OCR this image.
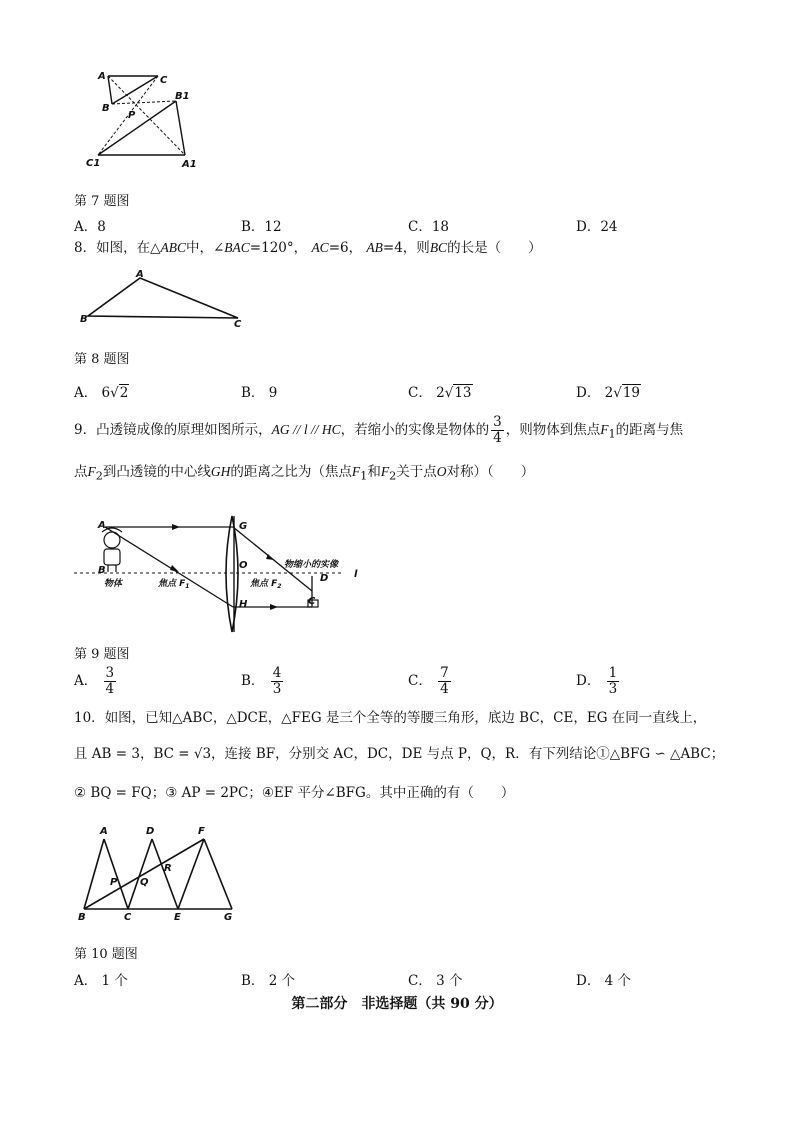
A	C
B
B1
P
C1	A1
第 7 题图
A．8	B．12	C．18	D．24
8．如图，在△ABC中，∠BAC=120°， AC=6， AB=4，则BC的长是（　　）
A
B	C
第 8 题图
A． 6√2	B． 9	C． 2√13	D． 2√19
9．凸透镜成像的原理如图所示，AG // l // HC，若缩小的实像是物体的 $\frac{3}{4}$ ，则物体到焦点$F_1$的距离与焦
点$F_2$到凸透镜的中心线GH的距离之比为（焦点$F_1$和$F_2$关于点O对称）（　　）
A
B
G
O
H	C
D	l
物体	焦点 $F_1$	焦点 $F_2$
物缩小的实像
第 9 题图
A． $\frac{3}{4}$	B． $\frac{4}{3}$	C． $\frac{7}{4}$	D． $\frac{1}{3}$
10．如图，已知△ABC，△DCE，△FEG 是三个全等的等腰三角形，底边 BC，CE，EG 在同一直线上，
且 AB = 3，BC = √3，连接 BF，分别交 AC，DC，DE 与点 P，Q，R．有下列结论①△BFG ∽ △ABC；
② BQ = FQ；③ AP = 2PC；④EF 平分∠BFG。其中正确的有（　　）
A	D	F
P Q
R
B	C	E	G
第 10 题图
A． 1 个	B． 2 个	C． 3 个	D． 4 个
第二部分　非选择题（共 90 分）
